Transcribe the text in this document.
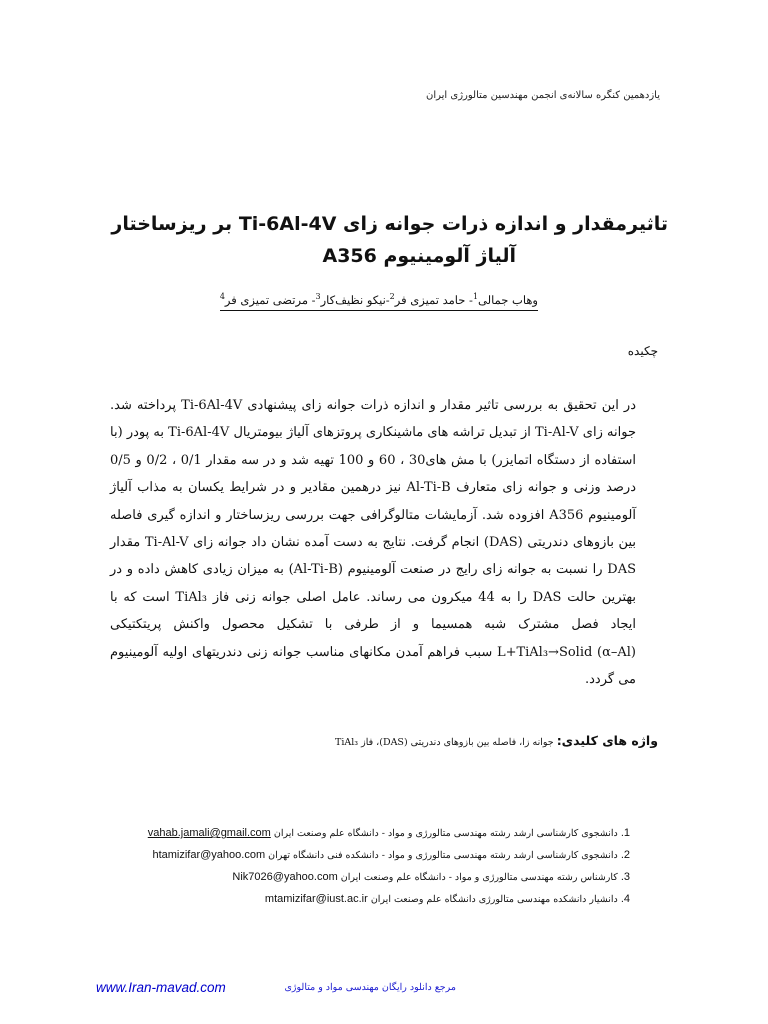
یازدهمین کنگره سالانه‌ی انجمن مهندسین متالورژی ایران
تاثیرمقدار و اندازه ذرات جوانه زای Ti-6Al-4V بر ریزساختار
آلیاژ آلومینیوم A356
وهاب جمالی$^1$- حامد تمیزی فر$^2$-نیکو نظیف‌کار$^3$- مرتضی تمیزی فر$^4$
چکیده

در این تحقیق به بررسی تاثیر مقدار و اندازه ذرات جوانه زای پیشنهادی Ti-6Al-4V پرداخته شد. جوانه زای Ti-Al-V از تبدیل تراشه های ماشینکاری پروتزهای آلیاژ بیومتریال Ti-6Al-4V به پودر (با استفاده از دستگاه اتمایزر) با مش های30 ، 60 و 100 تهیه شد و در سه مقدار 0/1 ، 0/2 و 0/5 درصد وزنی و جوانه زای متعارف Al-Ti-B نیز درهمین مقادیر و در شرایط یکسان به مذاب آلیاژ آلومینیوم A356 افزوده شد. آزمایشات متالوگرافی جهت بررسی ریزساختار و اندازه گیری فاصله بین بازوهای دندریتی (DAS) انجام گرفت. نتایج به دست آمده نشان داد جوانه زای Ti-Al-V مقدار DAS را نسبت به جوانه زای رایج در صنعت آلومینیوم (Al-Ti-B) به میزان زیادی کاهش داده و در بهترین حالت DAS را به 44 میکرون می رساند. عامل اصلی جوانه زنی فاز TiAl₃ است که با ایجاد فصل مشترک شبه همسیما و از طرفی با تشکیل محصول واکنش پریتکتیکی L+TiAl₃→Solid (α–Al) سبب فراهم آمدن مکانهای مناسب جوانه زنی دندریتهای اولیه آلومینیوم می گردد.

واژه های کلیدی: جوانه زا، فاصله بین بازوهای دندریتی (DAS)، فاز TiAl₃
1. دانشجوی کارشناسی ارشد رشته مهندسی متالورژی و مواد - دانشگاه علم وصنعت ایران vahab.jamali@gmail.com
2. دانشجوی کارشناسی ارشد رشته مهندسی متالورژی و مواد - دانشکده فنی دانشگاه تهران htamizifar@yahoo.com
3. کارشناس رشته مهندسی متالورژی و مواد - دانشگاه علم وصنعت ایران Nik7026@yahoo.com
4. دانشیار دانشکده مهندسی متالورژی دانشگاه علم وصنعت ایران mtamizifar@iust.ac.ir
www.Iran-mavad.com	مرجع دانلود رایگان مهندسی مواد و متالوژی
